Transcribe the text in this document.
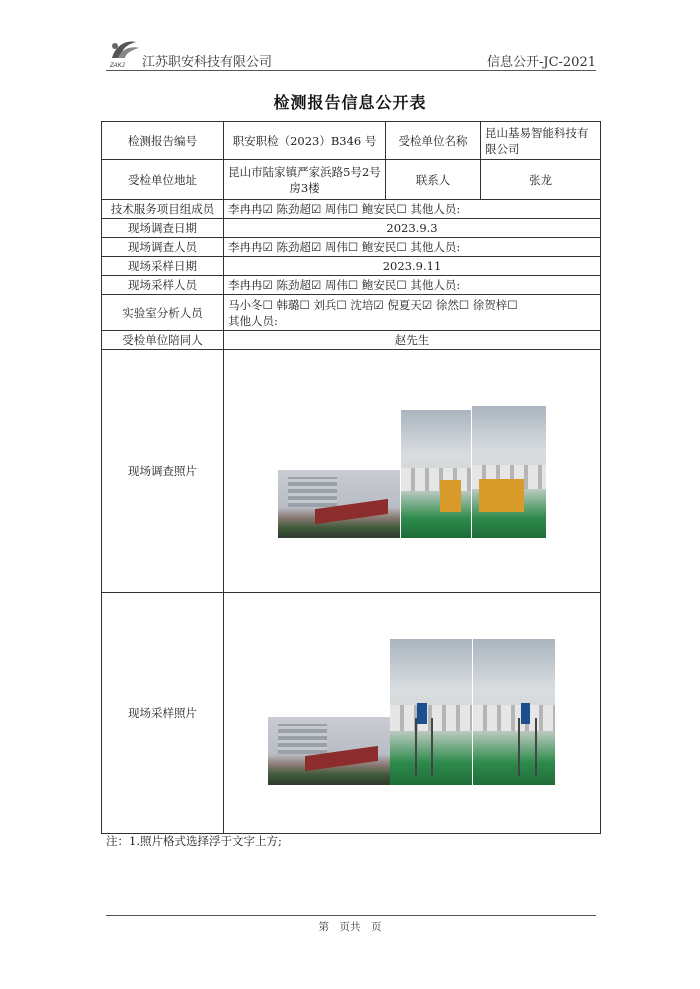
ZAKJ 江苏职安科技有限公司	信息公开-JC-2021
检测报告信息公开表
检测报告编号	职安职检（2023）B346 号	受检单位名称	昆山基易智能科技有限公司
受检单位地址	昆山市陆家镇严家浜路5号2号房3楼	联系人	张龙
技术服务项目组成员	李冉冉☑ 陈劲超☑ 周伟☐ 鲍安民☐ 其他人员:		
现场调查日期	2023.9.3		
现场调查人员	李冉冉☑ 陈劲超☑ 周伟☐ 鲍安民☐ 其他人员:		
现场采样日期	2023.9.11		
现场采样人员	李冉冉☑ 陈劲超☑ 周伟☐ 鲍安民☐ 其他人员:		
实验室分析人员	马小冬☐ 韩璐☐ 刘兵☐ 沈培☑ 倪夏天☑ 徐然☐ 徐贺梓☐
其他人员:		

受检单位陪同人	赵先生		
现场调查照片			

现场采样照片			
注：1.照片格式选择浮于文字上方;
第　页共　页
